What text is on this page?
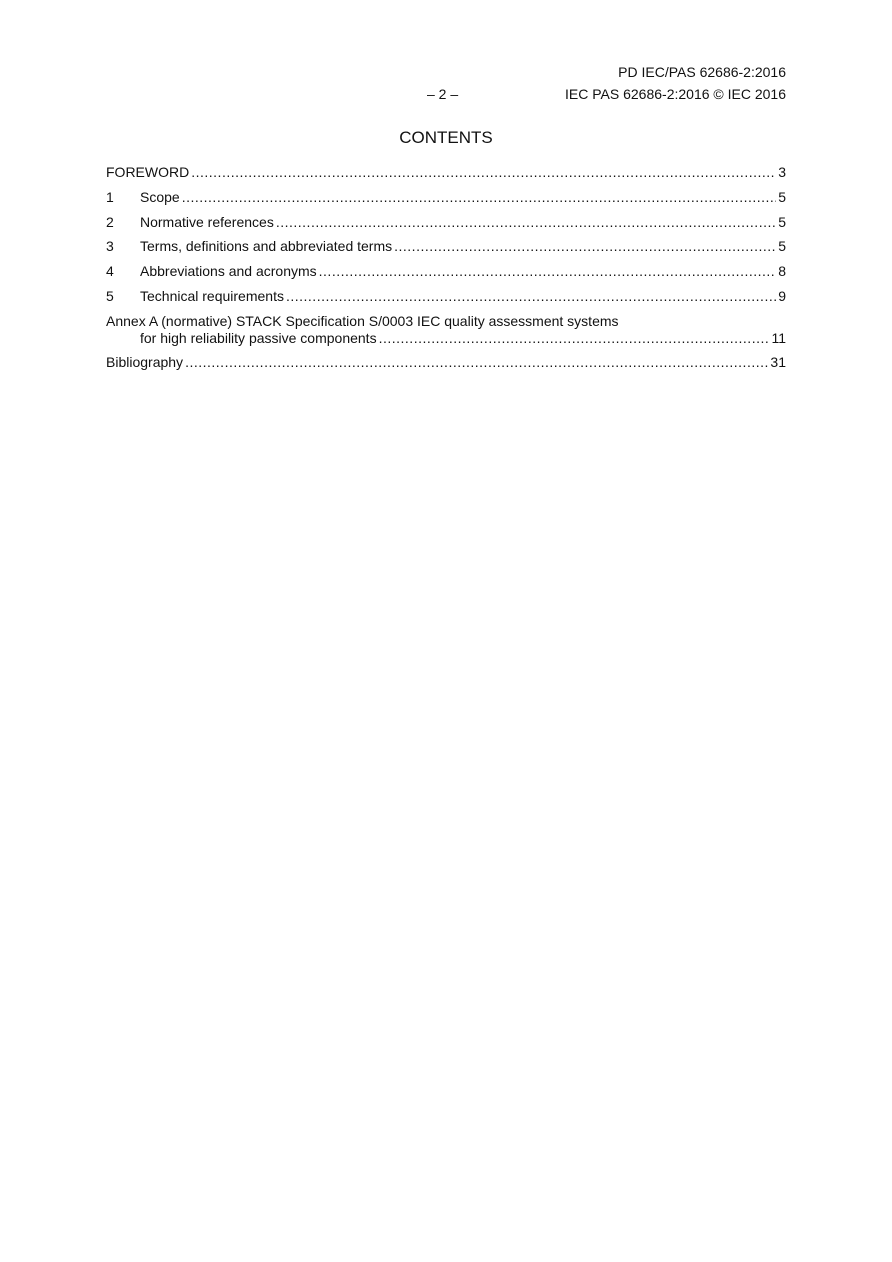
PD IEC/PAS 62686-2:2016
– 2 –	IEC PAS 62686-2:2016 © IEC 2016
CONTENTS
FOREWORD .....	3
1	Scope .....	5
2	Normative references .....	5
3	Terms, definitions and abbreviated terms .....	5
4	Abbreviations and acronyms .....	8
5	Technical requirements .....	9
Annex A (normative) STACK Specification S/0003 IEC quality assessment systems
for high reliability passive components .....	11
Bibliography .....	31
